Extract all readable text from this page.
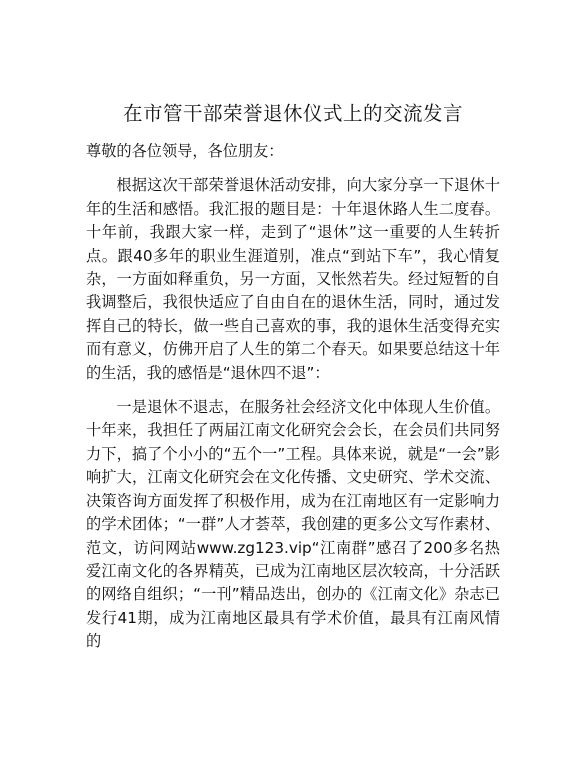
在市管干部荣誉退休仪式上的交流发言

尊敬的各位领导，各位朋友：

根据这次干部荣誉退休活动安排，向大家分享一下退休十年的生活和感悟。我汇报的题目是：十年退休路人生二度春。十年前，我跟大家一样，走到了“退休”这一重要的人生转折点。跟40多年的职业生涯道别，准点“到站下车”，我心情复杂，一方面如释重负，另一方面，又怅然若失。经过短暂的自我调整后，我很快适应了自由自在的退休生活，同时，通过发挥自己的特长，做一些自己喜欢的事，我的退休生活变得充实而有意义，仿佛开启了人生的第二个春天。如果要总结这十年的生活，我的感悟是“退休四不退”：

一是退休不退志，在服务社会经济文化中体现人生价值。十年来，我担任了两届江南文化研究会会长，在会员们共同努力下，搞了个小小的“五个一”工程。具体来说，就是“一会”影响扩大，江南文化研究会在文化传播、文史研究、学术交流、决策咨询方面发挥了积极作用，成为在江南地区有一定影响力的学术团体；“一群”人才荟萃，我创建的更多公文写作素材、范文，访问网站www.zg123.vip“江南群”感召了200多名热爱江南文化的各界精英，已成为江南地区层次较高，十分活跃的网络自组织；“一刊”精品迭出，创办的《江南文化》杂志已发行41期，成为江南地区最具有学术价值，最具有江南风情的
